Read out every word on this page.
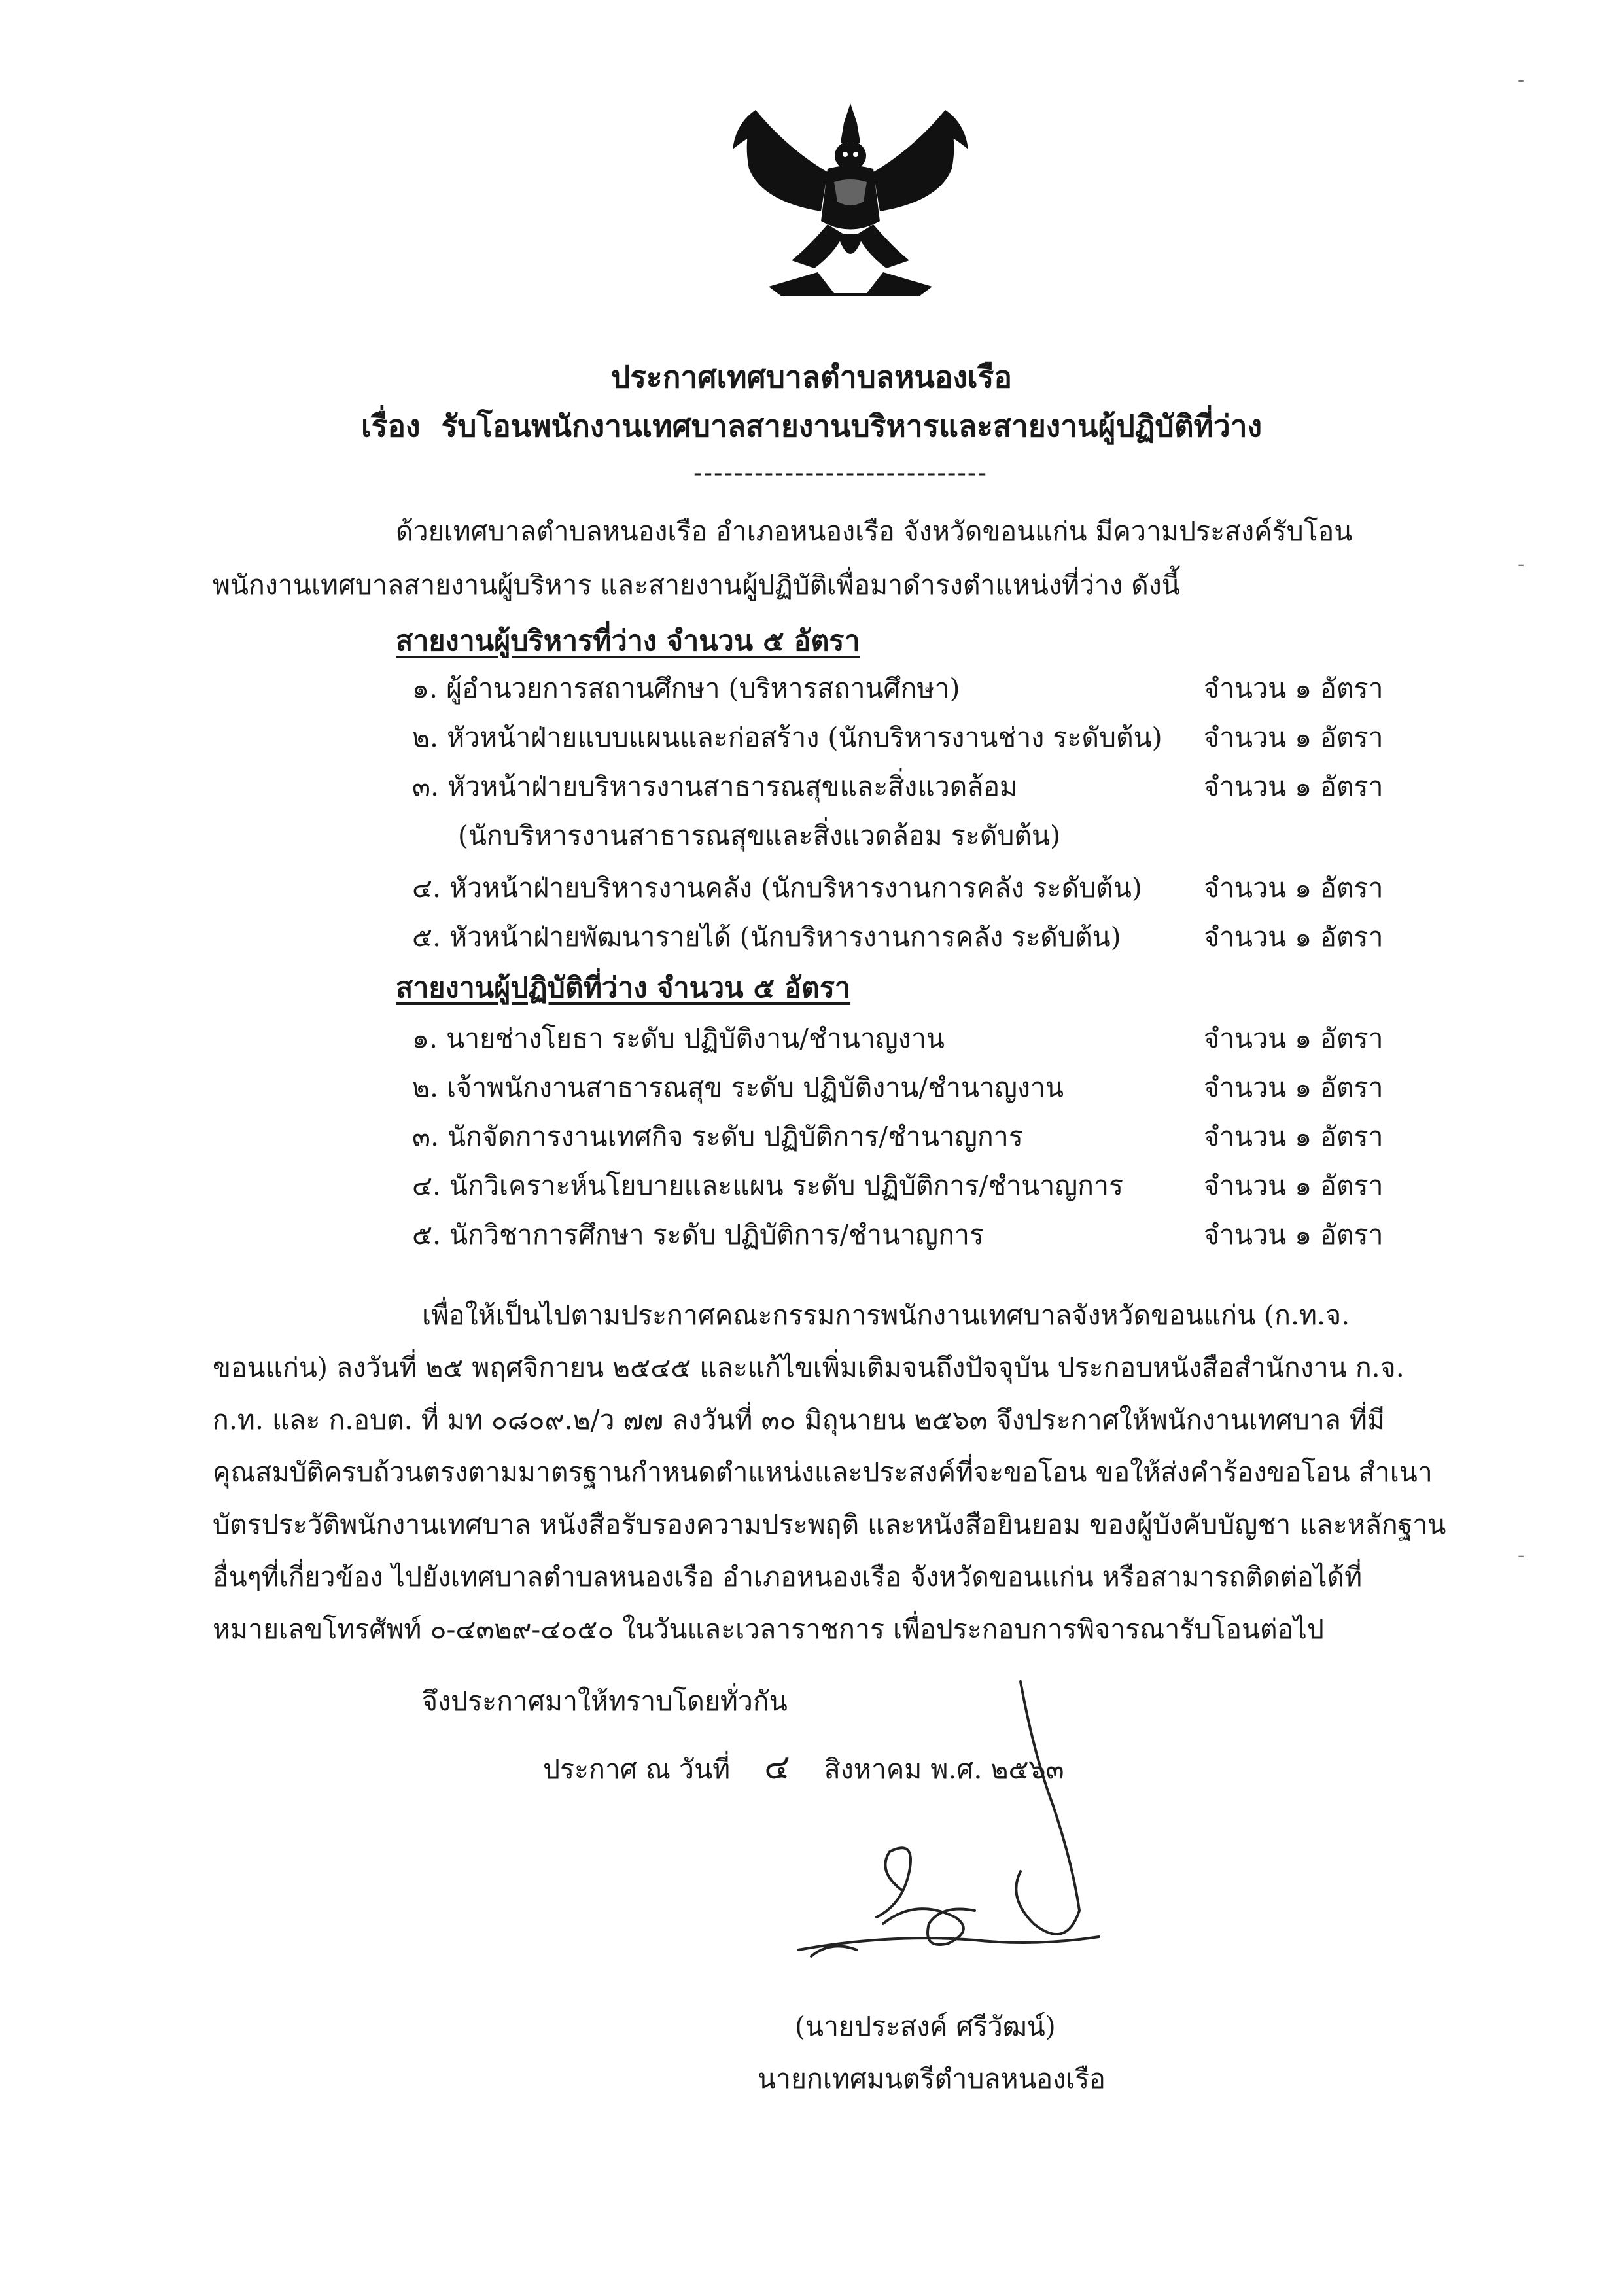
ประกาศเทศบาลตำบลหนองเรือ
เรื่อง รับโอนพนักงานเทศบาลสายงานบริหารและสายงานผู้ปฏิบัติที่ว่าง
-----------------------------
ด้วยเทศบาลตำบลหนองเรือ อำเภอหนองเรือ จังหวัดขอนแก่น มีความประสงค์รับโอน
พนักงานเทศบาลสายงานผู้บริหาร และสายงานผู้ปฏิบัติเพื่อมาดำรงตำแหน่งที่ว่าง ดังนี้
สายงานผู้บริหารที่ว่าง จำนวน ๕ อัตรา
๑. ผู้อำนวยการสถานศึกษา (บริหารสถานศึกษา)	จำนวน ๑ อัตรา
๒. หัวหน้าฝ่ายแบบแผนและก่อสร้าง (นักบริหารงานช่าง ระดับต้น) จำนวน ๑ อัตรา
๓. หัวหน้าฝ่ายบริหารงานสาธารณสุขและสิ่งแวดล้อม	จำนวน ๑ อัตรา
(นักบริหารงานสาธารณสุขและสิ่งแวดล้อม ระดับต้น)
๔. หัวหน้าฝ่ายบริหารงานคลัง (นักบริหารงานการคลัง ระดับต้น) จำนวน ๑ อัตรา
๕. หัวหน้าฝ่ายพัฒนารายได้ (นักบริหารงานการคลัง ระดับต้น)	จำนวน ๑ อัตรา
สายงานผู้ปฏิบัติที่ว่าง จำนวน ๕ อัตรา
๑. นายช่างโยธา ระดับ ปฏิบัติงาน/ชำนาญงาน	จำนวน ๑ อัตรา
๒. เจ้าพนักงานสาธารณสุข ระดับ ปฏิบัติงาน/ชำนาญงาน	จำนวน ๑ อัตรา
๓. นักจัดการงานเทศกิจ ระดับ ปฏิบัติการ/ชำนาญการ	จำนวน ๑ อัตรา
๔. นักวิเคราะห์นโยบายและแผน ระดับ ปฏิบัติการ/ชำนาญการ	จำนวน ๑ อัตรา
๕. นักวิชาการศึกษา ระดับ ปฏิบัติการ/ชำนาญการ	จำนวน ๑ อัตรา
เพื่อให้เป็นไปตามประกาศคณะกรรมการพนักงานเทศบาลจังหวัดขอนแก่น (ก.ท.จ.
ขอนแก่น) ลงวันที่ ๒๕ พฤศจิกายน ๒๕๔๕ และแก้ไขเพิ่มเติมจนถึงปัจจุบัน ประกอบหนังสือสำนักงาน ก.จ.
ก.ท. และ ก.อบต. ที่ มท ๐๘๐๙.๒/ว ๗๗ ลงวันที่ ๓๐ มิถุนายน ๒๕๖๓ จึงประกาศให้พนักงานเทศบาล ที่มี
คุณสมบัติครบถ้วนตรงตามมาตรฐานกำหนดตำแหน่งและประสงค์ที่จะขอโอน ขอให้ส่งคำร้องขอโอน สำเนา
บัตรประวัติพนักงานเทศบาล หนังสือรับรองความประพฤติ และหนังสือยินยอม ของผู้บังคับบัญชา และหลักฐาน
อื่นๆที่เกี่ยวข้อง ไปยังเทศบาลตำบลหนองเรือ อำเภอหนองเรือ จังหวัดขอนแก่น หรือสามารถติดต่อได้ที่
หมายเลขโทรศัพท์ ๐-๔๓๒๙-๔๐๕๐ ในวันและเวลาราชการ เพื่อประกอบการพิจารณารับโอนต่อไป
จึงประกาศมาให้ทราบโดยทั่วกัน
ประกาศ ณ วันที่ ๔ สิงหาคม พ.ศ. ๒๕๖๓
(นายประสงค์ ศรีวัฒน์)
นายกเทศมนตรีตำบลหนองเรือ
-
-
-
